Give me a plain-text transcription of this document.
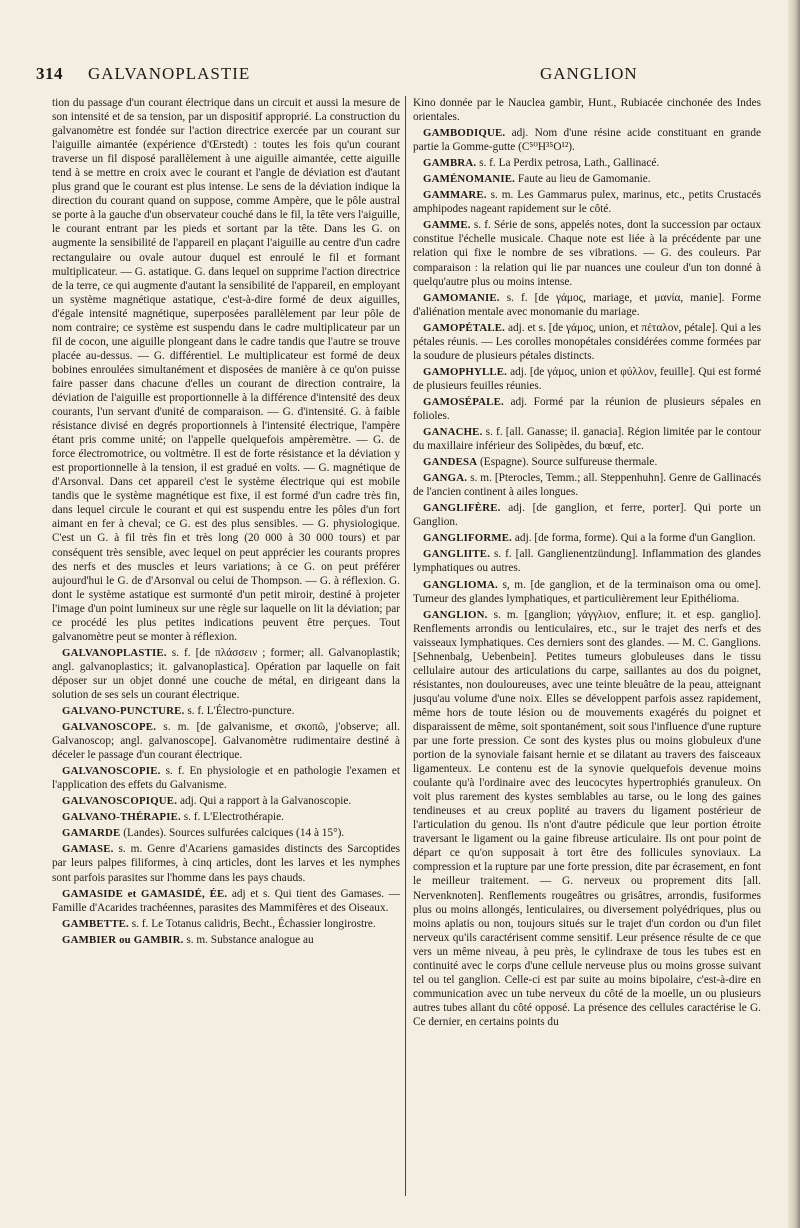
314 GALVANOPLASTIE	GANGLION

tion du passage d'un courant électrique dans un circuit et aussi la mesure de son intensité et de sa tension, par un dispositif approprié. La construction du galvanomètre est fondée sur l'action directrice exercée par un courant sur l'aiguille aimantée (expérience d'Œrstedt) : toutes les fois qu'un courant traverse un fil disposé parallèlement à une aiguille aimantée, cette aiguille tend à se mettre en croix avec le courant et l'angle de déviation est d'autant plus grand que le courant est plus intense. Le sens de la déviation indique la direction du courant quand on suppose, comme Ampère, que le pôle austral se porte à la gauche d'un observateur couché dans le fil, la tête vers l'aiguille, le courant entrant par les pieds et sortant par la tête. Dans les G. on augmente la sensibilité de l'appareil en plaçant l'aiguille au centre d'un cadre rectangulaire ou ovale autour duquel est enroulé le fil et formant multiplicateur. — G. astatique. G. dans lequel on supprime l'action directrice de la terre, ce qui augmente d'autant la sensibilité de l'appareil, en employant un système magnétique astatique, c'est-à-dire formé de deux aiguilles, d'égale intensité magnétique, superposées parallèlement par leur pôle de nom contraire; ce système est suspendu dans le cadre multiplicateur par un fil de cocon, une aiguille plongeant dans le cadre tandis que l'autre se trouve placée au-dessus. — G. différentiel. Le multiplicateur est formé de deux bobines enroulées simultanément et disposées de manière à ce qu'on puisse faire passer dans chacune d'elles un courant de direction contraire, la déviation de l'aiguille est proportionnelle à la différence d'intensité des deux courants, l'un servant d'unité de comparaison. — G. d'intensité. G. à faible résistance divisé en degrés proportionnels à l'intensité électrique, l'ampère étant pris comme unité; on l'appelle quelquefois ampèremètre. — G. de force électromotrice, ou voltmètre. Il est de forte résistance et la déviation y est proportionnelle à la tension, il est gradué en volts. — G. magnétique de d'Arsonval. Dans cet appareil c'est le système électrique qui est mobile tandis que le système magnétique est fixe, il est formé d'un cadre très fin, dans lequel circule le courant et qui est suspendu entre les pôles d'un fort aimant en fer à cheval; ce G. est des plus sensibles. — G. physiologique. C'est un G. à fil très fin et très long (20 000 à 30 000 tours) et par conséquent très sensible, avec lequel on peut apprécier les courants propres des nerfs et des muscles et leurs variations; à ce G. on peut préférer aujourd'hui le G. de d'Arsonval ou celui de Thompson. — G. à réflexion. G. dont le système astatique est surmonté d'un petit miroir, destiné à projeter l'image d'un point lumineux sur une règle sur laquelle on lit la déviation; par ce procédé les plus petites indications peuvent être perçues. Tout galvanomètre peut se monter à réflexion.

GALVANOPLASTIE. s. f. [de πλάσσειν ; former; all. Galvanoplastik; angl. galvanoplastics; it. galvanoplastica]. Opération par laquelle on fait déposer sur un objet donné une couche de métal, en dirigeant dans la solution de ses sels un courant électrique.

GALVANO-PUNCTURE. s. f. L'Électro-puncture.

GALVANOSCOPE. s. m. [de galvanisme, et σκοπῶ, j'observe; all. Galvanoscop; angl. galvanoscope]. Galvanomètre rudimentaire destiné à déceler le passage d'un courant électrique.

GALVANOSCOPIE. s. f. En physiologie et en pathologie l'examen et l'application des effets du Galvanisme.

GALVANOSCOPIQUE. adj. Qui a rapport à la Galvanoscopie.

GALVANO-THÉRAPIE. s. f. L'Electrothérapie.

GAMARDE (Landes). Sources sulfurées calciques (14 à 15°).

GAMASE. s. m. Genre d'Acariens gamasides distincts des Sarcoptides par leurs palpes filiformes, à cinq articles, dont les larves et les nymphes sont parfois parasites sur l'homme dans les pays chauds.

GAMASIDE et GAMASIDÉ, ÉE. adj et s. Qui tient des Gamases. — Famille d'Acarides trachéennes, parasites des Mammifères et des Oiseaux.

GAMBETTE. s. f. Le Totanus calidris, Becht., Échassier longirostre.

GAMBIER ou GAMBIR. s. m. Substance analogue au

Kino donnée par le Nauclea gambir, Hunt., Rubiacée cinchonée des Indes orientales.

GAMBODIQUE. adj. Nom d'une résine acide constituant en grande partie la Gomme-gutte (C⁵⁰H³⁵O¹²).

GAMBRA. s. f. La Perdix petrosa, Lath., Gallinacé.

GAMÉNOMANIE. Faute au lieu de Gamomanie.

GAMMARE. s. m. Les Gammarus pulex, marinus, etc., petits Crustacés amphipodes nageant rapidement sur le côté.

GAMME. s. f. Série de sons, appelés notes, dont la succession par octaux constitue l'échelle musicale. Chaque note est liée à la précédente par une relation qui fixe le nombre de ses vibrations. — G. des couleurs. Par comparaison : la relation qui lie par nuances une couleur d'un ton donné à quelqu'autre plus ou moins intense.

GAMOMANIE. s. f. [de γάμος, mariage, et μανία, manie]. Forme d'aliénation mentale avec monomanie du mariage.

GAMOPÉTALE. adj. et s. [de γάμος, union, et πέταλον, pétale]. Qui a les pétales réunis. — Les corolles monopétales considérées comme formées par la soudure de plusieurs pétales distincts.

GAMOPHYLLE. adj. [de γάμος, union et φύλλον, feuille]. Qui est formé de plusieurs feuilles réunies.

GAMOSÉPALE. adj. Formé par la réunion de plusieurs sépales en folioles.

GANACHE. s. f. [all. Ganasse; il. ganacia]. Région limitée par le contour du maxillaire inférieur des Solipèdes, du bœuf, etc.

GANDESA (Espagne). Source sulfureuse thermale.

GANGA. s. m. [Pterocles, Temm.; all. Steppenhuhn]. Genre de Gallinacés de l'ancien continent à ailes longues.

GANGLIFÈRE. adj. [de ganglion, et ferre, porter]. Qui porte un Ganglion.

GANGLIFORME. adj. [de forma, forme). Qui a la forme d'un Ganglion.

GANGLIITE. s. f. [all. Ganglienentzündung]. Inflammation des glandes lymphatiques ou autres.

GANGLIOMA. s, m. [de ganglion, et de la terminaison oma ou ome]. Tumeur des glandes lymphatiques, et particulièrement leur Epithélioma.

GANGLION. s. m. [ganglion; γάγγλιον, enflure; it. et esp. ganglio]. Renflements arrondis ou lenticulaires, etc., sur le trajet des nerfs et des vaisseaux lymphatiques. Ces derniers sont des glandes. — M. C. Ganglions. [Sehnenbalg, Uebenbein]. Petites tumeurs globuleuses dans le tissu cellulaire autour des articulations du carpe, saillantes au dos du poignet, résistantes, non douloureuses, avec une teinte bleuâtre de la peau, atteignant jusqu'au volume d'une noix. Elles se développent parfois assez rapidement, même hors de toute lésion ou de mouvements exagérés du poignet et disparaissent de même, soit spontanément, soit sous l'influence d'une rupture par une forte pression. Ce sont des kystes plus ou moins globuleux d'une portion de la synoviale faisant hernie et se dilatant au travers des faisceaux ligamenteux. Le contenu est de la synovie quelquefois devenue moins coulante qu'à l'ordinaire avec des leucocytes hypertrophiés granuleux. On voit plus rarement des kystes semblables au tarse, ou le long des gaines tendineuses et au creux poplité au travers du ligament postérieur de l'articulation du genou. Ils n'ont d'autre pédicule que leur portion étroite traversant le ligament ou la gaine fibreuse articulaire. Ils ont pour point de départ ce qu'on supposait à tort être des follicules synoviaux. La compression et la rupture par une forte pression, dite par écrasement, en font le meilleur traitement. — G. nerveux ou proprement dits [all. Nervenknoten]. Renflements rougeâtres ou grisâtres, arrondis, fusiformes plus ou moins allongés, lenticulaires, ou diversement polyédriques, plus ou moins aplatis ou non, toujours situés sur le trajet d'un cordon ou d'un filet nerveux qu'ils caractérisent comme sensitif. Leur présence résulte de ce que vers un même niveau, à peu près, le cylindraxe de tous les tubes est en continuité avec le corps d'une cellule nerveuse plus ou moins grosse suivant tel ou tel ganglion. Celle-ci est par suite au moins bipolaire, c'est-à-dire en communication avec un tube nerveux du côté de la moelle, un ou plusieurs autres tubes allant du côté opposé. La présence des cellules caractérise le G. Ce dernier, en certains points du
